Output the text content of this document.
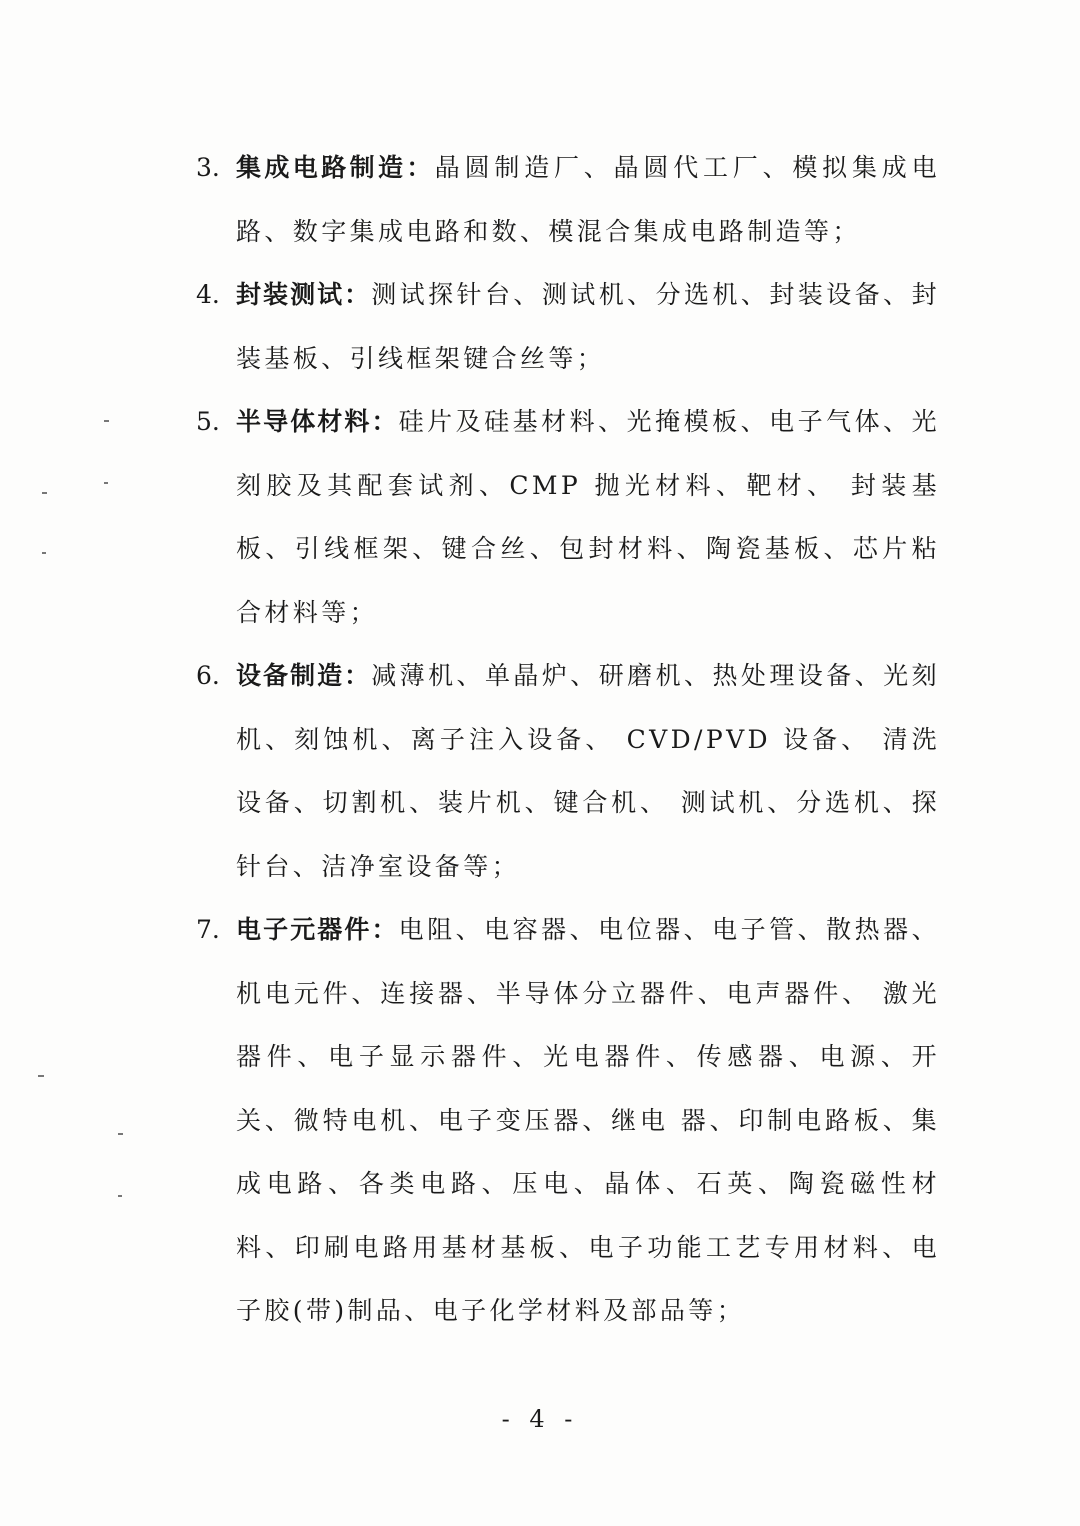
3. 集成电路制造：晶圆制造厂、晶圆代工厂、模拟集成电路、数字集成电路和数、模混合集成电路制造等；
4. 封装测试：测试探针台、测试机、分选机、封装设备、封装基板、引线框架键合丝等；
5. 半导体材料：硅片及硅基材料、光掩模板、电子气体、光刻胶及其配套试剂、CMP 抛光材料、靶材、 封装基板、引线框架、键合丝、包封材料、陶瓷基板、芯片粘合材料等；
6. 设备制造：减薄机、单晶炉、研磨机、热处理设备、光刻机、刻蚀机、离子注入设备、 CVD/PVD 设备、 清洗设备、切割机、装片机、键合机、 测试机、分选机、探针台、洁净室设备等；
7. 电子元器件：电阻、电容器、电位器、电子管、散热器、机电元件、连接器、半导体分立器件、电声器件、 激光器件、电子显示器件、光电器件、传感器、电源、开关、微特电机、电子变压器、继电 器、印制电路板、集成电路、各类电路、压电、晶体、石英、陶瓷磁性材料、印刷电路用基材基板、电子功能工艺专用材料、电子胶(带)制品、电子化学材料及部品等；
- 4 -
